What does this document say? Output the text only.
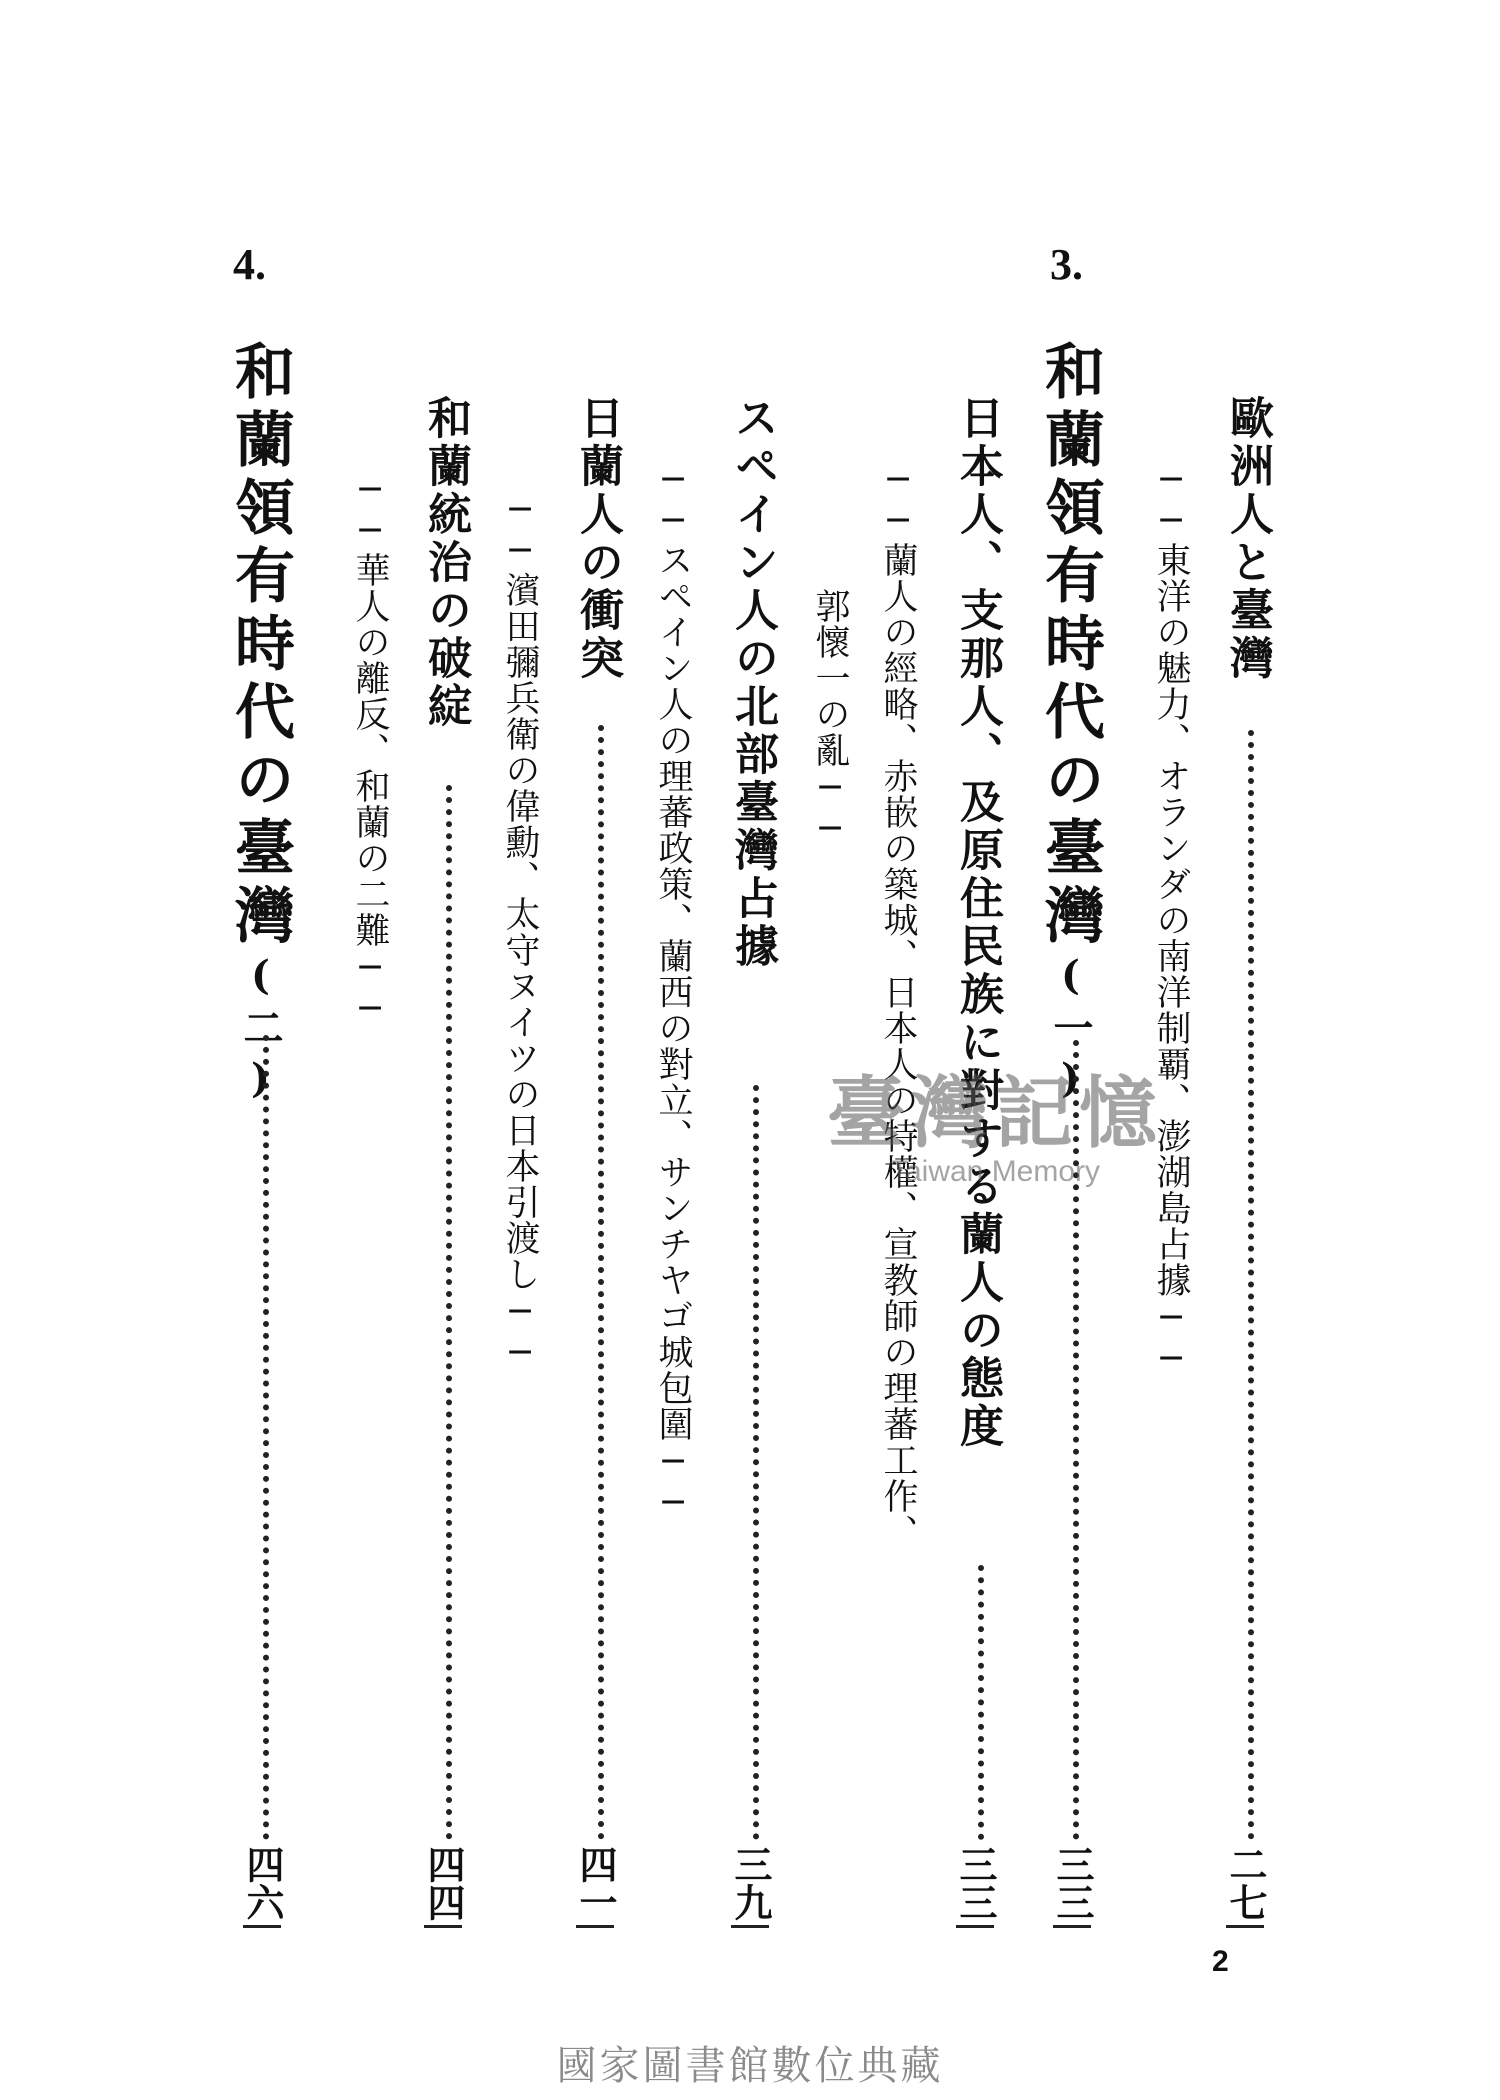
3.
4.
歐洲人と臺灣
二七
──東洋の魅力、オランダの南洋制覇、澎湖島占據──
和蘭領有時代の臺灣(一)
三三
日本人、支那人、及原住民族に對する蘭人の態度
三三
──蘭人の經略、赤嵌の築城、日本人の特權、宣教師の理蕃工作、
郭懷一の亂──
スペイン人の北部臺灣占據
三九
──スペイン人の理蕃政策、蘭西の對立、サンチヤゴ城包圍──
日蘭人の衝突
四一
和蘭統治の破綻
四四
──濱田彌兵衛の偉勳、太守ヌイツの日本引渡し──
和蘭領有時代の臺灣(二)
四六
──華人の離反、和蘭の二難──
臺灣記憶
Taiwan Memory
2
國家圖書館數位典藏
